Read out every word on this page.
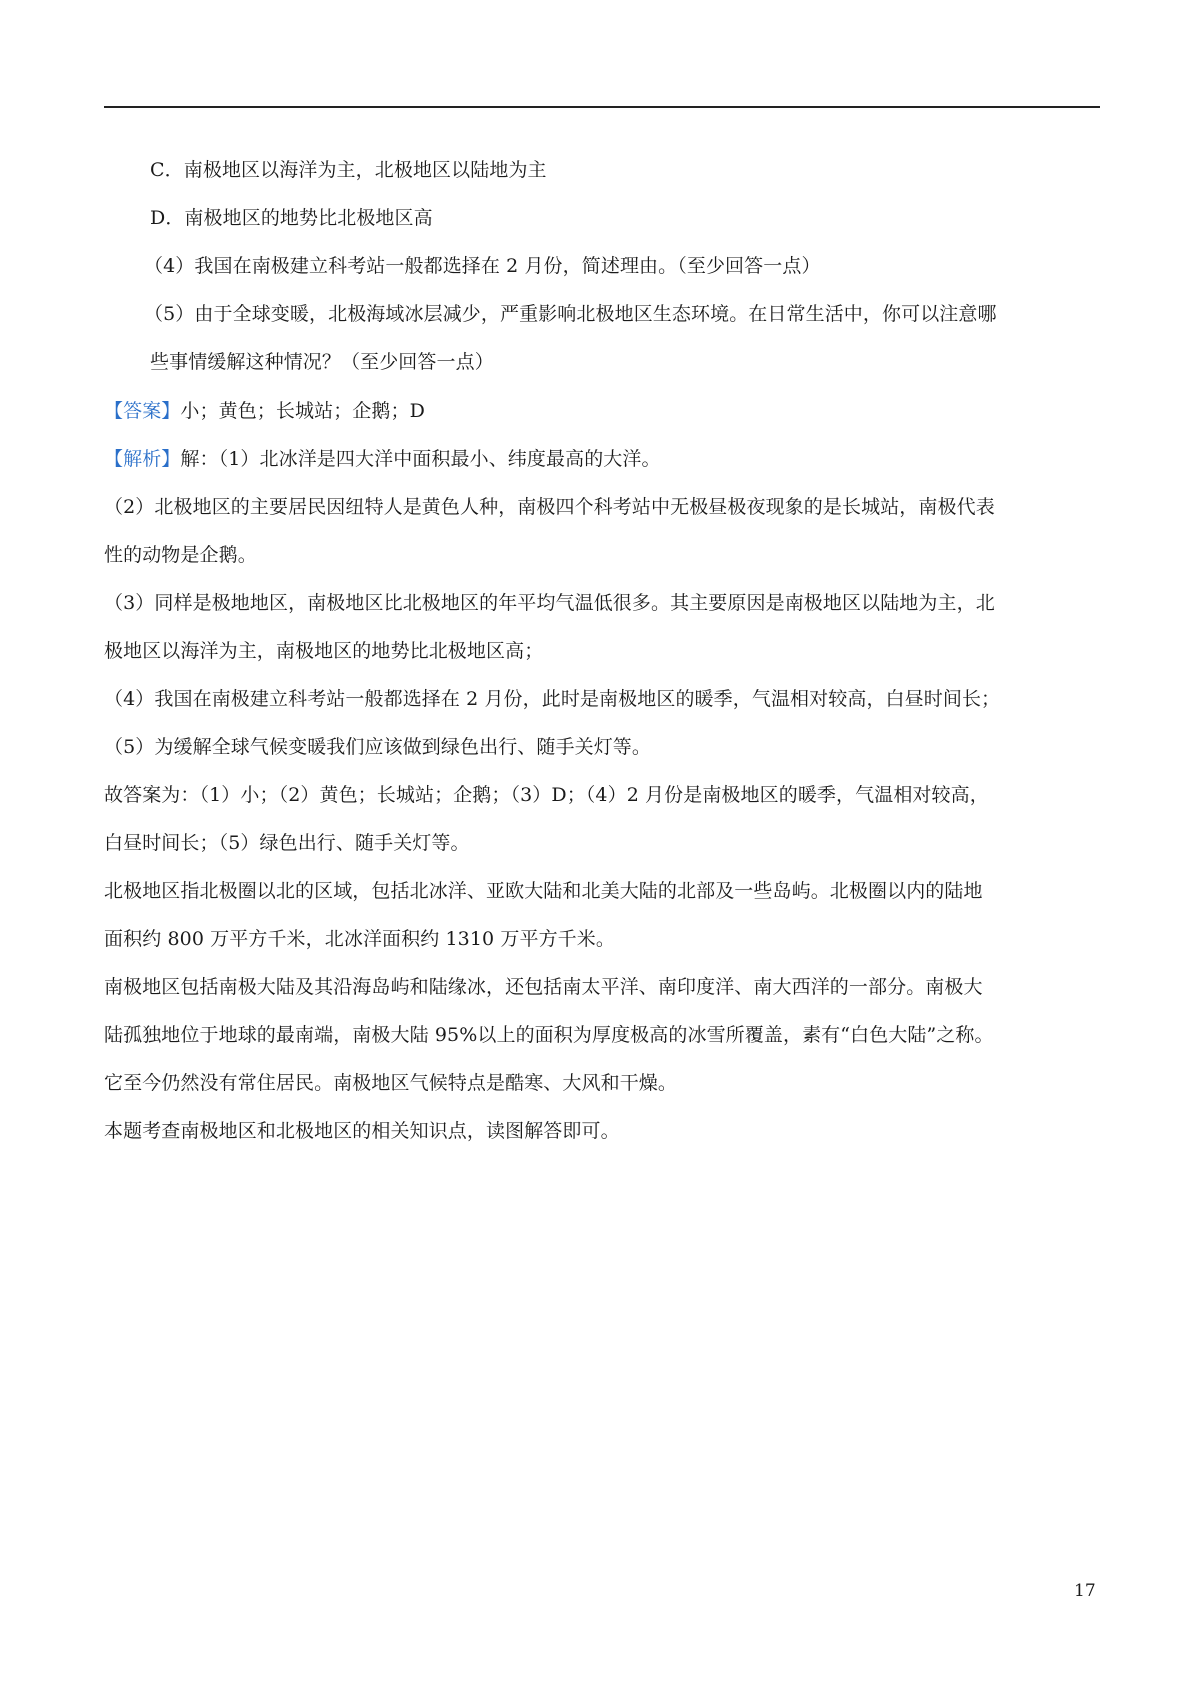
C．南极地区以海洋为主，北极地区以陆地为主
D．南极地区的地势比北极地区高
（4）我国在南极建立科考站一般都选择在 2 月份，简述理由。（至少回答一点）
（5）由于全球变暖，北极海域冰层减少，严重影响北极地区生态环境。在日常生活中，你可以注意哪
些事情缓解这种情况？（至少回答一点）
【答案】小；黄色；长城站；企鹅；D
【解析】解：（1）北冰洋是四大洋中面积最小、纬度最高的大洋。
（2）北极地区的主要居民因纽特人是黄色人种，南极四个科考站中无极昼极夜现象的是长城站，南极代表
性的动物是企鹅。
（3）同样是极地地区，南极地区比北极地区的年平均气温低很多。其主要原因是南极地区以陆地为主，北
极地区以海洋为主，南极地区的地势比北极地区高；
（4）我国在南极建立科考站一般都选择在 2 月份，此时是南极地区的暖季，气温相对较高，白昼时间长；
（5）为缓解全球气候变暖我们应该做到绿色出行、随手关灯等。
故答案为：（1）小；（2）黄色；长城站；企鹅；（3）D；（4）2 月份是南极地区的暖季，气温相对较高，
白昼时间长；（5）绿色出行、随手关灯等。
北极地区指北极圈以北的区域，包括北冰洋、亚欧大陆和北美大陆的北部及一些岛屿。北极圈以内的陆地
面积约 800 万平方千米，北冰洋面积约 1310 万平方千米。
南极地区包括南极大陆及其沿海岛屿和陆缘冰，还包括南太平洋、南印度洋、南大西洋的一部分。南极大
陆孤独地位于地球的最南端，南极大陆 95%以上的面积为厚度极高的冰雪所覆盖，素有“白色大陆”之称。
它至今仍然没有常住居民。南极地区气候特点是酷寒、大风和干燥。
本题考查南极地区和北极地区的相关知识点，读图解答即可。
17
